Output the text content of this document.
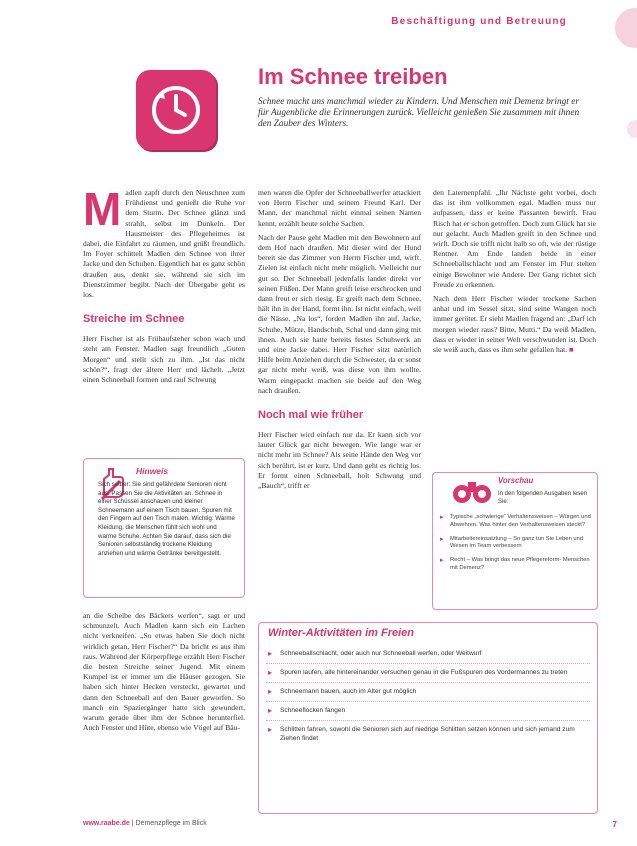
Beschäftigung und Betreuung
Im Schnee treiben

Schnee macht uns manchmal wieder zu Kindern. Und Menschen mit Demenz bringt er für Augenblicke die Erinnerungen zurück. Vielleicht genießen Sie zusammen mit ihnen den Zauber des Winters.

Madlen zapft durch den Neuschnee zum Frühdienst und genießt die Ruhe vor dem Sturm. Der Schnee glänzt und strahlt, selbst im Dunkeln. Der Hausmeister des Pflegeheimes ist dabei, die Einfahrt zu räumen, und grüßt freundlich. Im Foyer schüttelt Madlen den Schnee von ihrer Jacke und den Schuhen. Eigentlich hat es ganz schön draußen aus, denkt sie, während sie sich im Dienstzimmer begibt. Nach der Übergabe geht es los.

Streiche im Schnee

Herr Fischer ist als Frühaufsteher schon wach und steht am Fenster. Madlen sagt freundlich „Guten Morgen“ und stellt sich zu ihm. „Ist das nicht schön?“, fragt der ältere Herr und lächelt. „Jetzt einen Schneeball formen und rauf Schwung

Hinweis
Sich selber: Sie sind gefährdete Senioren nicht aus. Passen Sie die Aktivitäten an. Schnee in einer Schüssel anschauen und kleiner Schneemann auf einem Tisch bauen. Spuren mit den Fingern auf den Tisch malen. Wichtig: Warme Kleidung, die Menschen fühlt sich wohl und warme Schuhe. Achten Sie darauf, dass sich die Senioren selbstständig trockene Kleidung anziehen und wärme Getränke bereitgestellt.

an die Scheibe des Bäckers werfen“, sagt er und schmunzelt. Auch Madlen kann sich ein Lachen nicht verkneifen. „So etwas haben Sie doch nicht wirklich getan, Herr Fischer?“ Da bricht es aus ihm raus. Während der Körperpflege erzählt Herr Fischer die besten Streiche seiner Jugend. Mit einem Kumpel ist er immer um die Häuser gezogen. Sie haben sich hinter Hecken versteckt, gewartet und dann den Schneeball auf den Bauer geworfen. So manch ein Spaziergänger hatte sich gewundert, warum gerade über ihm der Schnee herunterfiel. Auch Fenster und Hüte, ebenso wie Vögel auf Bäu-

men waren die Opfer der Schneeballwerfer attackiert von Herrn Fischer und seinem Freund Karl. Der Mann, der manchmal nicht einmal seinen Namen kennt, erzählt heute solche Sachen.

Nach der Pause geht Madlen mit den Bewohnern auf dem Hof nach draußen. Mit dieser wird der Hund bereit sie das Zimmer von Herrn Fischer und, wirft. Zielen ist einfach nicht mehr möglich. Vielleicht nur gut so. Der Schneeball jedenfalls landet direkt vor seinen Füßen. Der Mann greift leise erschrocken und dann freut er sich riesig. Er greift nach dem Schnee, hält ihn in der Hand, formt ihn. Ist nicht einfach, weil die Nässe, „Na los“, fordert Madlen ihn auf. Jacke, Schuhe, Mütze, Handschuh, Schal und dann ging mit ihnen. Auch sie hatte bereits festes Schuhwerk an und eine Jacke dabei. Herr Fischer sitzt natürlich Hilfe beim Anziehen durch die Schwester, da er sonst gar nicht mehr weiß, was diese von ihm wollte. Warm eingepackt machen sie beide auf den Weg nach draußen.

Noch mal wie früher

Herr Fischer wird einfach nur da. Er kann sich vor lauter Glück gar nicht bewegen. Wie lange war er nicht mehr im Schnee? Als seine Hände den Weg vor sich berührt, ist er kurz. Und dann geht es richtig los. Er formt einen Schneeball, holt Schwung und „Bauch“, trifft er

den Laternenpfahl. „Ihr Nächste geht vorbei, doch das ist ihm vollkommen egal. Madlen muss nur aufpassen, dass er keine Passanten bewirft. Frau Risch hat er schon getroffen. Doch zum Glück hat sie nur gelacht. Auch Madlen greift in den Schnee und wirft. Doch sie trifft nicht halb so oft, wie der rüstige Rentner. Am Ende landen beide in einer Schneeballschlacht und am Fenster im Flur stehen einige Bewohner wie Andere. Der Gang richtet sich Freude zu erkennen.

Nach dem Herr Fischer wieder trockene Sachen anhat und im Sessel sitzt, sind seine Wangen noch immer gerötet. Er sieht Madlen fragend an: „Darf ich morgen wieder raus? Bitte, Mutti.“ Da weiß Madlen, dass er wieder in seiner Welt verschwunden ist. Doch sie weiß auch, dass es ihm sehr gefallen hat. ■

Vorschau
In den folgenden Ausgaben lesen Sie:
▸ Typische „schwierige“ Verhaltensweisen – Würgen und Abwehren. Was hinter den Verhaltensweisen steckt?
▸ Mitarbeitereinsatzlung – So ganz tun Sie Leben und Wesen im Team verbessern
▸ Recht – Was bringt das neue Pflegereform- Menschen mit Demenz?
Winter-Aktivitäten im Freien
▸ Schneeballschlacht, oder auch nur Schneeball werfen, oder Weitwurf
▸ Spuren laufen, alle hintereinander versuchen genau in die Fußspuren des Vordermannes zu treten
▸ Schneemann bauen, auch im Alter gut möglich
▸ Schneeflocken fangen
▸ Schlitten fahren, sowohl die Senioren sich auf niedrige Schlitten setzen können und sich jemand zum Ziehen findet
www.raabe.de | Demenzpflege im Blick	7
